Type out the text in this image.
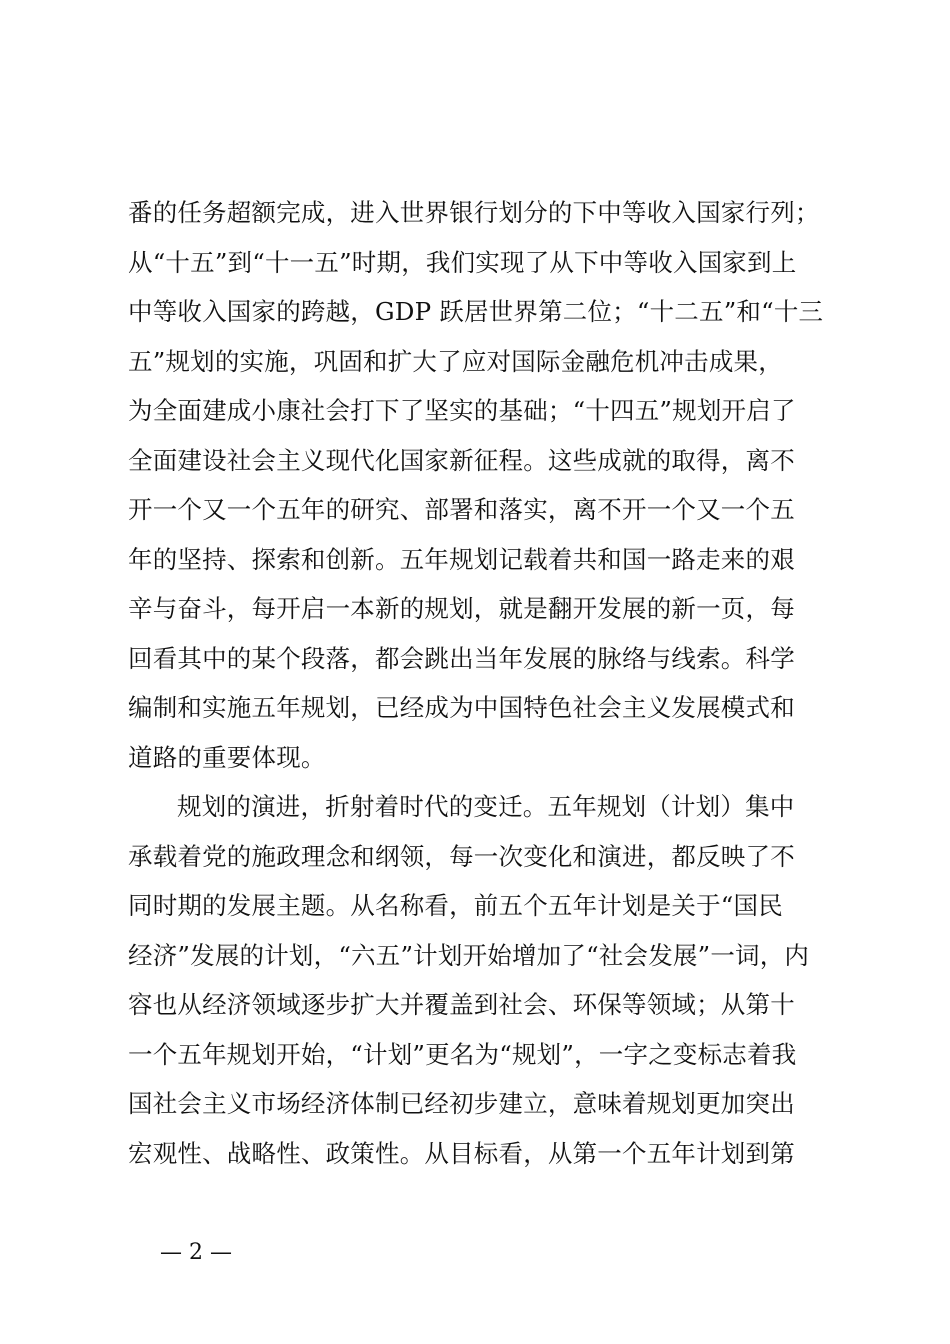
番的任务超额完成，进入世界银行划分的下中等收入国家行列；
从“十五”到“十一五”时期，我们实现了从下中等收入国家到上
中等收入国家的跨越，GDP 跃居世界第二位；“十二五”和“十三
五”规划的实施，巩固和扩大了应对国际金融危机冲击成果，
为全面建成小康社会打下了坚实的基础；“十四五”规划开启了
全面建设社会主义现代化国家新征程。这些成就的取得，离不
开一个又一个五年的研究、部署和落实，离不开一个又一个五
年的坚持、探索和创新。五年规划记载着共和国一路走来的艰
辛与奋斗，每开启一本新的规划，就是翻开发展的新一页，每
回看其中的某个段落，都会跳出当年发展的脉络与线索。科学
编制和实施五年规划，已经成为中国特色社会主义发展模式和
道路的重要体现。
规划的演进，折射着时代的变迁。五年规划（计划）集中
承载着党的施政理念和纲领，每一次变化和演进，都反映了不
同时期的发展主题。从名称看，前五个五年计划是关于“国民
经济”发展的计划，“六五”计划开始增加了“社会发展”一词，内
容也从经济领域逐步扩大并覆盖到社会、环保等领域；从第十
一个五年规划开始，“计划”更名为“规划”，一字之变标志着我
国社会主义市场经济体制已经初步建立，意味着规划更加突出
宏观性、战略性、政策性。从目标看，从第一个五年计划到第
— 2 —
